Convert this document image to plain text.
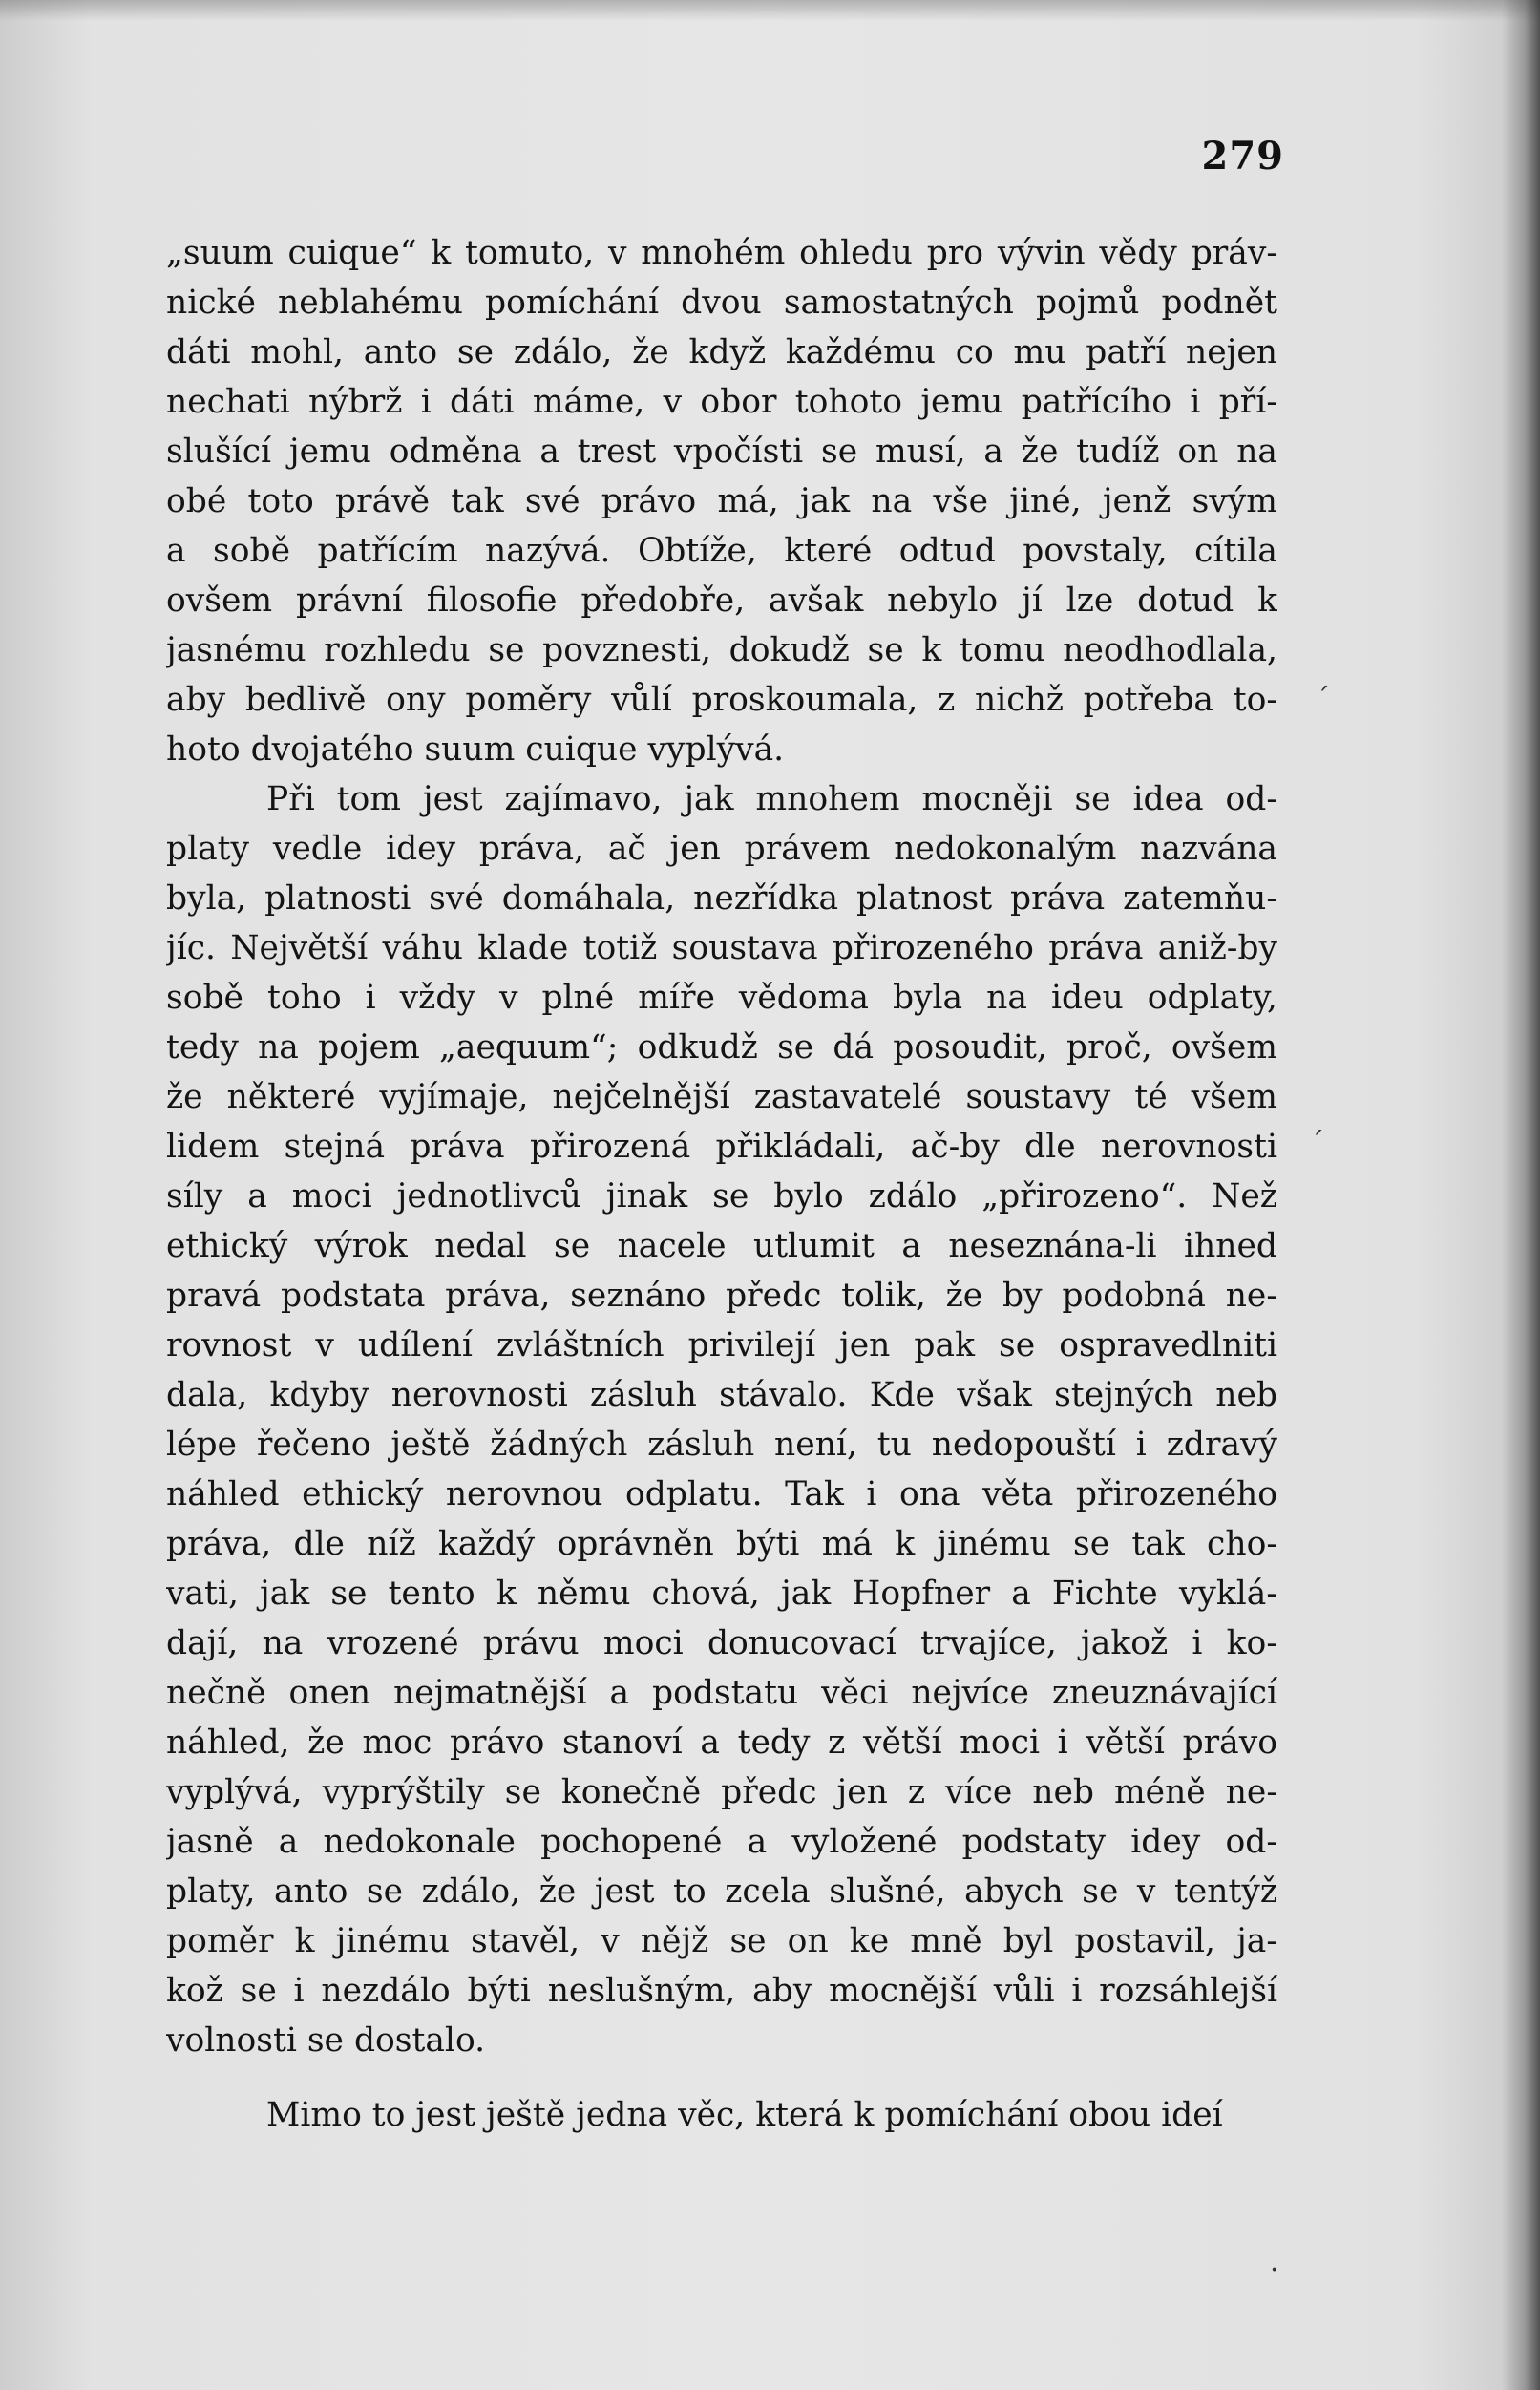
279
„suum cuique“ k tomuto, v mnohém ohledu pro vývin vědy práv-
nické neblahému pomíchání dvou samostatných pojmů podnět
dáti mohl, anto se zdálo, že když každému co mu patří nejen
nechati nýbrž i dáti máme, v obor tohoto jemu patřícího i pří-
slušící jemu odměna a trest vpočísti se musí, a že tudíž on na
obé toto právě tak své právo má, jak na vše jiné, jenž svým
a sobě patřícím nazývá. Obtíže, které odtud povstaly, cítila
ovšem právní filosofie předobře, avšak nebylo jí lze dotud k
jasnému rozhledu se povznesti, dokudž se k tomu neodhodlala,
aby bedlivě ony poměry vůlí proskoumala, z nichž potřeba to-
hoto dvojatého suum cuique vyplývá.
Při tom jest zajímavo, jak mnohem mocněji se idea od-
platy vedle idey práva, ač jen právem nedokonalým nazvána
byla, platnosti své domáhala, nezřídka platnost práva zatemňu-
jíc. Největší váhu klade totiž soustava přirozeného práva aniž-by
sobě toho i vždy v plné míře vědoma byla na ideu odplaty,
tedy na pojem „aequum“; odkudž se dá posoudit, proč, ovšem
že některé vyjímaje, nejčelnější zastavatelé soustavy té všem
lidem stejná práva přirozená přikládali, ač-by dle nerovnosti
síly a moci jednotlivců jinak se bylo zdálo „přirozeno“. Než
ethický výrok nedal se nacele utlumit a neseznána-li ihned
pravá podstata práva, seznáno předc tolik, že by podobná ne-
rovnost v udílení zvláštních privilejí jen pak se ospravedlniti
dala, kdyby nerovnosti zásluh stávalo. Kde však stejných neb
lépe řečeno ještě žádných zásluh není, tu nedopouští i zdravý
náhled ethický nerovnou odplatu. Tak i ona věta přirozeného
práva, dle níž každý oprávněn býti má k jinému se tak cho-
vati, jak se tento k němu chová, jak Hopfner a Fichte vyklá-
dají, na vrozené právu moci donucovací trvajíce, jakož i ko-
nečně onen nejmatnější a podstatu věci nejvíce zneuznávající
náhled, že moc právo stanoví a tedy z větší moci i větší právo
vyplývá, vyprýštily se konečně předc jen z více neb méně ne-
jasně a nedokonale pochopené a vyložené podstaty idey od-
platy, anto se zdálo, že jest to zcela slušné, abych se v tentýž
poměr k jinému stavěl, v nějž se on ke mně byl postavil, ja-
kož se i nezdálo býti neslušným, aby mocnější vůli i rozsáhlejší
volnosti se dostalo.
Mimo to jest ještě jedna věc, která k pomíchání obou ideí
ˊ
ˊ
·
